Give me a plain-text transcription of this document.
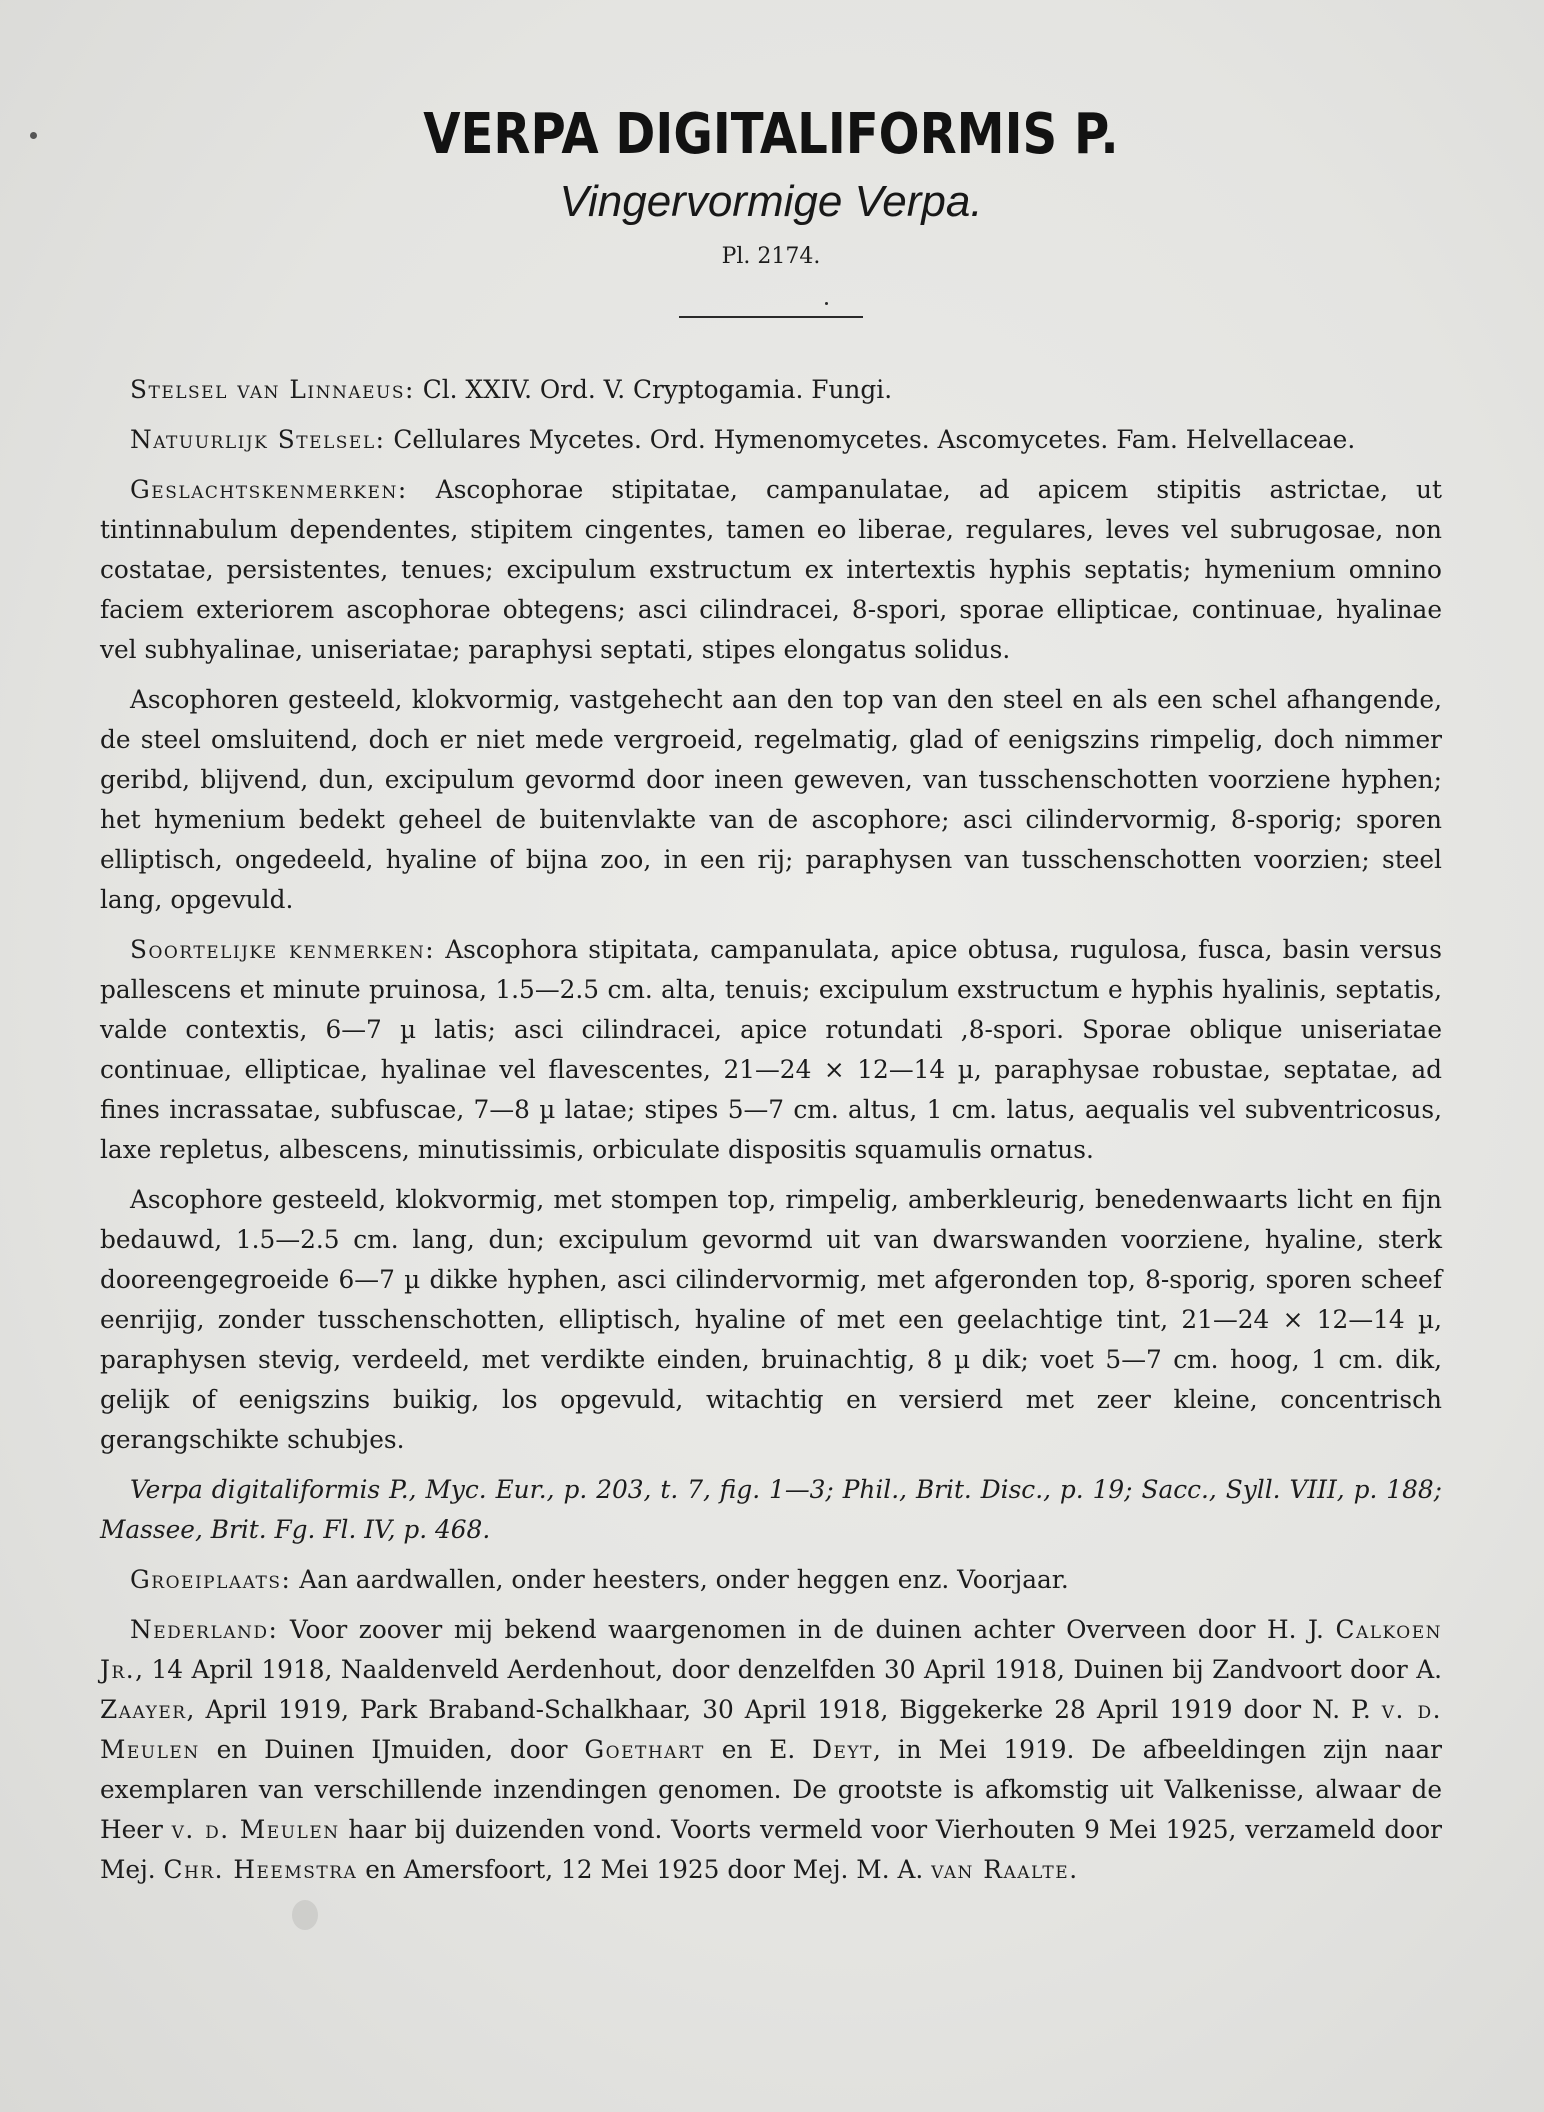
VERPA DIGITALIFORMIS P.
Vingervormige Verpa.
Pl. 2174.

Stelsel van Linnaeus: Cl. XXIV. Ord. V. Cryptogamia. Fungi.

Natuurlijk Stelsel: Cellulares Mycetes. Ord. Hymenomycetes. Ascomycetes. Fam. Helvellaceae.

Geslachtskenmerken: Ascophorae stipitatae, campanulatae, ad apicem stipitis astrictae, ut tintinnabulum dependentes, stipitem cingentes, tamen eo liberae, regulares, leves vel subrugosae, non costatae, persistentes, tenues; excipulum exstructum ex intertextis hyphis septatis; hymenium omnino faciem exteriorem ascophorae obtegens; asci cilindracei, 8-spori, sporae ellipticae, continuae, hyalinae vel subhyalinae, uniseriatae; paraphysi septati, stipes elongatus solidus.

Ascophoren gesteeld, klokvormig, vastgehecht aan den top van den steel en als een schel afhangende, de steel omsluitend, doch er niet mede vergroeid, regelmatig, glad of eenigszins rimpelig, doch nimmer geribd, blijvend, dun, excipulum gevormd door ineen geweven, van tusschenschotten voorziene hyphen; het hymenium bedekt geheel de buitenvlakte van de ascophore; asci cilindervormig, 8-sporig; sporen elliptisch, ongedeeld, hyaline of bijna zoo, in een rij; paraphysen van tusschenschotten voorzien; steel lang, opgevuld.

Soortelijke kenmerken: Ascophora stipitata, campanulata, apice obtusa, rugulosa, fusca, basin versus pallescens et minute pruinosa, 1.5—2.5 cm. alta, tenuis; excipulum exstructum e hyphis hyalinis, septatis, valde contextis, 6—7 µ latis; asci cilindracei, apice rotundati ,8-spori. Sporae oblique uniseriatae continuae, ellipticae, hyalinae vel flavescentes, 21—24 × 12—14 µ, paraphysae robustae, septatae, ad fines incrassatae, subfuscae, 7—8 µ latae; stipes 5—7 cm. altus, 1 cm. latus, aequalis vel subventricosus, laxe repletus, albescens, minutissimis, orbiculate dispositis squamulis ornatus.

Ascophore gesteeld, klokvormig, met stompen top, rimpelig, amberkleurig, benedenwaarts licht en fijn bedauwd, 1.5—2.5 cm. lang, dun; excipulum gevormd uit van dwarswanden voorziene, hyaline, sterk dooreengegroeide 6—7 µ dikke hyphen, asci cilindervormig, met afgeronden top, 8-sporig, sporen scheef eenrijig, zonder tusschenschotten, elliptisch, hyaline of met een geelachtige tint, 21—24 × 12—14 µ, paraphysen stevig, verdeeld, met verdikte einden, bruinachtig, 8 µ dik; voet 5—7 cm. hoog, 1 cm. dik, gelijk of eenigszins buikig, los opgevuld, witachtig en versierd met zeer kleine, concentrisch gerangschikte schubjes.

Verpa digitaliformis P., Myc. Eur., p. 203, t. 7, fig. 1—3; Phil., Brit. Disc., p. 19; Sacc., Syll. VIII, p. 188; Massee, Brit. Fg. Fl. IV, p. 468.

Groeiplaats: Aan aardwallen, onder heesters, onder heggen enz. Voorjaar.

Nederland: Voor zoover mij bekend waargenomen in de duinen achter Overveen door H. J. Calkoen Jr., 14 April 1918, Naaldenveld Aerdenhout, door denzelfden 30 April 1918, Duinen bij Zandvoort door A. Zaayer, April 1919, Park Braband-Schalkhaar, 30 April 1918, Biggekerke 28 April 1919 door N. P. v. d. Meulen en Duinen IJmuiden, door Goethart en E. Deyt, in Mei 1919. De afbeeldingen zijn naar exemplaren van verschillende inzendingen genomen. De grootste is afkomstig uit Valkenisse, alwaar de Heer v. d. Meulen haar bij duizenden vond. Voorts vermeld voor Vierhouten 9 Mei 1925, verzameld door Mej. Chr. Heemstra en Amersfoort, 12 Mei 1925 door Mej. M. A. van Raalte.
